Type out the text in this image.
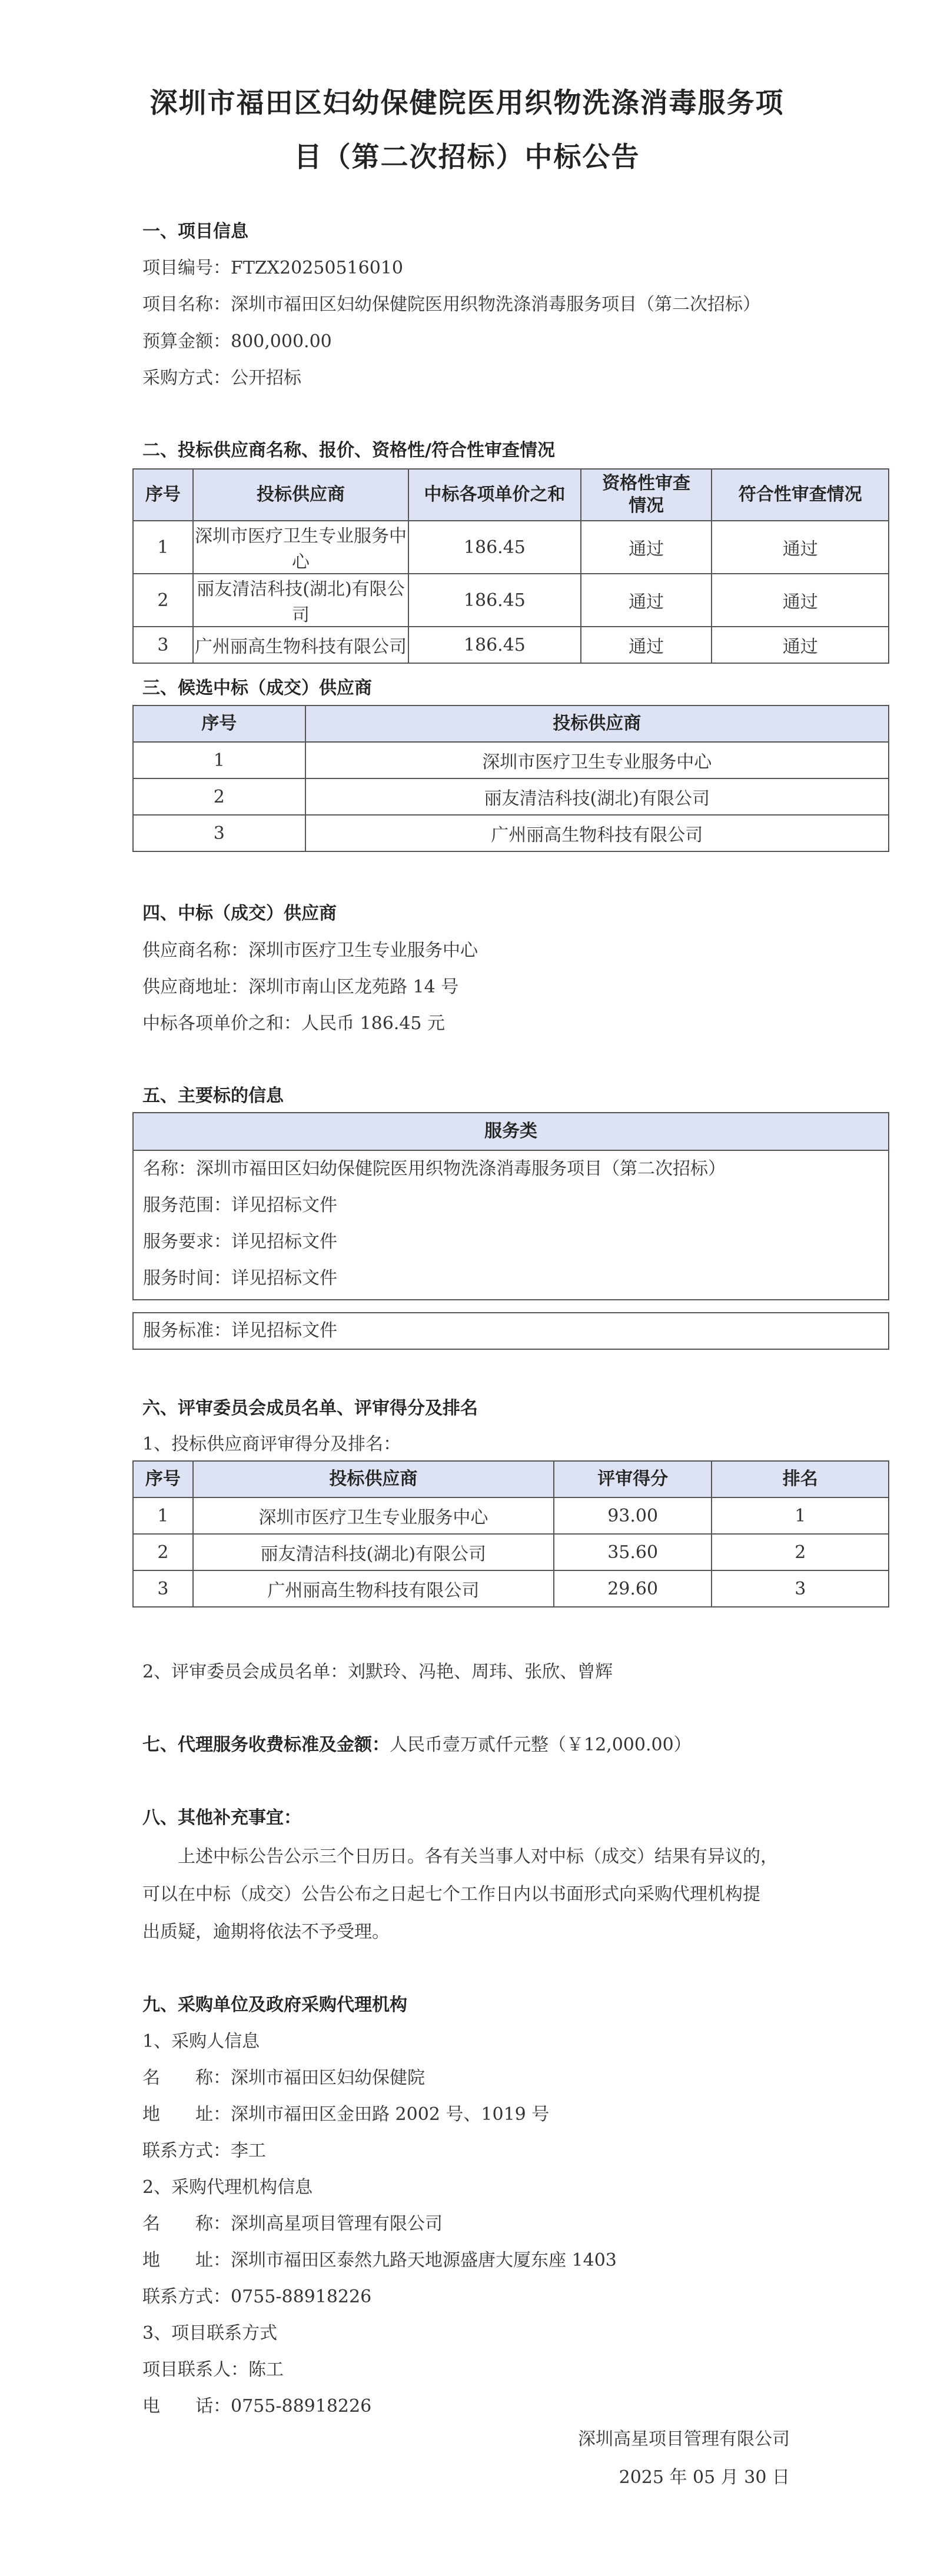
深圳市福田区妇幼保健院医用织物洗涤消毒服务项
目（第二次招标）中标公告
一、项目信息
项目编号：FTZX20250516010
项目名称：深圳市福田区妇幼保健院医用织物洗涤消毒服务项目（第二次招标）
预算金额：800,000.00
采购方式：公开招标
二、投标供应商名称、报价、资格性/符合性审查情况
序号	投标供应商	中标各项单价之和	资格性审查情况	符合性审查情况
1	深圳市医疗卫生专业服务中心	186.45	通过	通过
2	丽友清洁科技(湖北)有限公司	186.45	通过	通过
3	广州丽高生物科技有限公司	186.45	通过	通过
三、候选中标（成交）供应商
序号	投标供应商
1	深圳市医疗卫生专业服务中心
2	丽友清洁科技(湖北)有限公司
3	广州丽高生物科技有限公司
四、中标（成交）供应商
供应商名称：深圳市医疗卫生专业服务中心
供应商地址：深圳市南山区龙苑路 14 号
中标各项单价之和：人民币 186.45 元
五、主要标的信息
服务类
名称：深圳市福田区妇幼保健院医用织物洗涤消毒服务项目（第二次招标）
服务范围：详见招标文件
服务要求：详见招标文件
服务时间：详见招标文件
服务标准：详见招标文件
六、评审委员会成员名单、评审得分及排名
1、投标供应商评审得分及排名：
序号	投标供应商	评审得分	排名
1	深圳市医疗卫生专业服务中心	93.00	1
2	丽友清洁科技(湖北)有限公司	35.60	2
3	广州丽高生物科技有限公司	29.60	3
2、评审委员会成员名单：刘默玲、冯艳、周玮、张欣、曾辉
七、代理服务收费标准及金额：人民币壹万贰仟元整（￥12,000.00）
八、其他补充事宜：
上述中标公告公示三个日历日。各有关当事人对中标（成交）结果有异议的，
可以在中标（成交）公告公布之日起七个工作日内以书面形式向采购代理机构提
出质疑，逾期将依法不予受理。
九、采购单位及政府采购代理机构
1、采购人信息
名　　称：深圳市福田区妇幼保健院
地　　址：深圳市福田区金田路 2002 号、1019 号
联系方式：李工
2、采购代理机构信息
名　　称：深圳高星项目管理有限公司
地　　址：深圳市福田区泰然九路天地源盛唐大厦东座 1403
联系方式：0755-88918226
3、项目联系方式
项目联系人：陈工
电　　话：0755-88918226
深圳高星项目管理有限公司
2025 年 05 月 30 日
